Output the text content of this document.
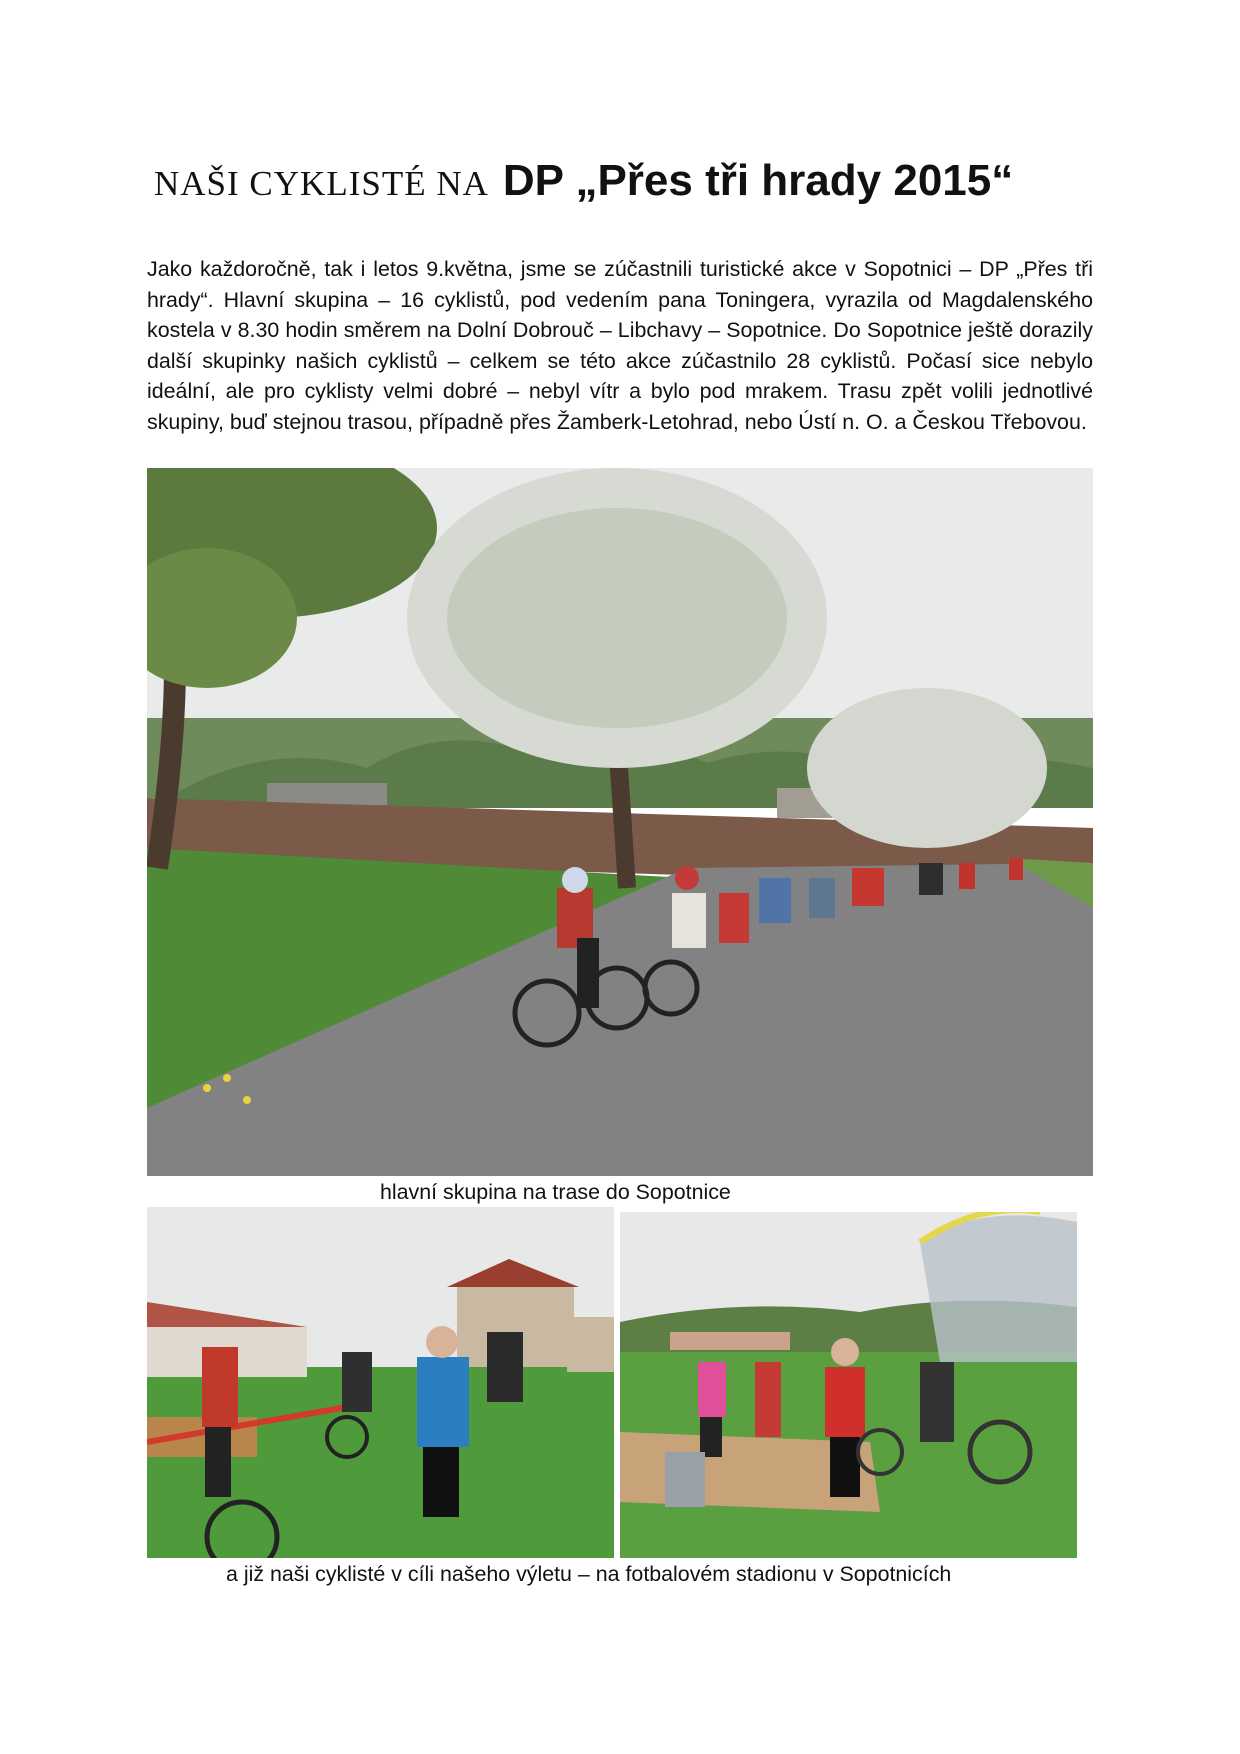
NAŠI CYKLISTÉ NA DP „Přes tři hrady 2015“

Jako každoročně, tak i letos 9.května, jsme se zúčastnili turistické akce v Sopotnici – DP „Přes tři hrady“. Hlavní skupina – 16 cyklistů, pod vedením pana Toningera, vyrazila od Magdalenského kostela v 8.30 hodin směrem na Dolní Dobrouč – Libchavy – Sopotnice. Do Sopotnice ještě dorazily další skupinky našich cyklistů – celkem se této akce zúčastnilo 28 cyklistů. Počasí sice nebylo ideální, ale pro cyklisty velmi dobré – nebyl vítr a bylo pod mrakem. Trasu zpět volili jednotlivé skupiny, buď stejnou trasou, případně přes Žamberk-Letohrad, nebo Ústí n. O. a Českou Třebovou.

hlavní skupina na trase do Sopotnice

a již naši cyklisté v cíli našeho výletu – na fotbalovém stadionu v Sopotnicích
